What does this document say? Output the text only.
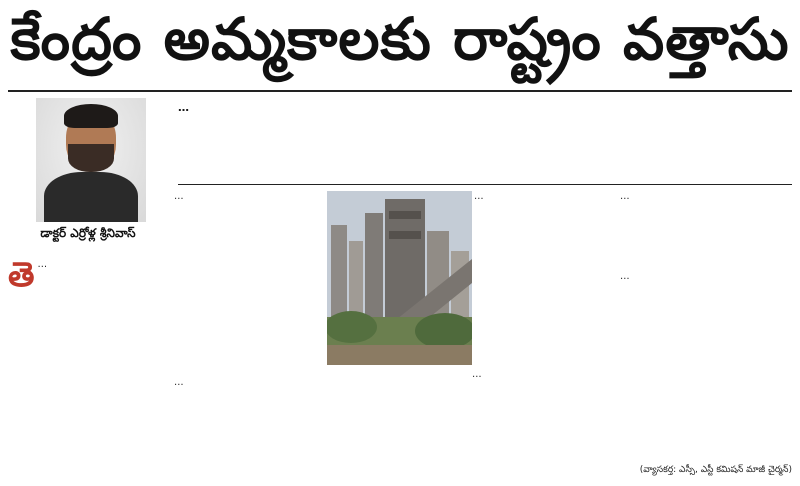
కేంద్రం అమ్మకాలకు రాష్ట్రం వత్తాసు
డాక్టర్ ఎర్రోళ్ల శ్రీనివాస్
…
తె …
…
…
…
…
…
…
(వ్యాసకర్త: ఎస్సీ, ఎస్టీ కమిషన్ మాజీ చైర్మన్)
